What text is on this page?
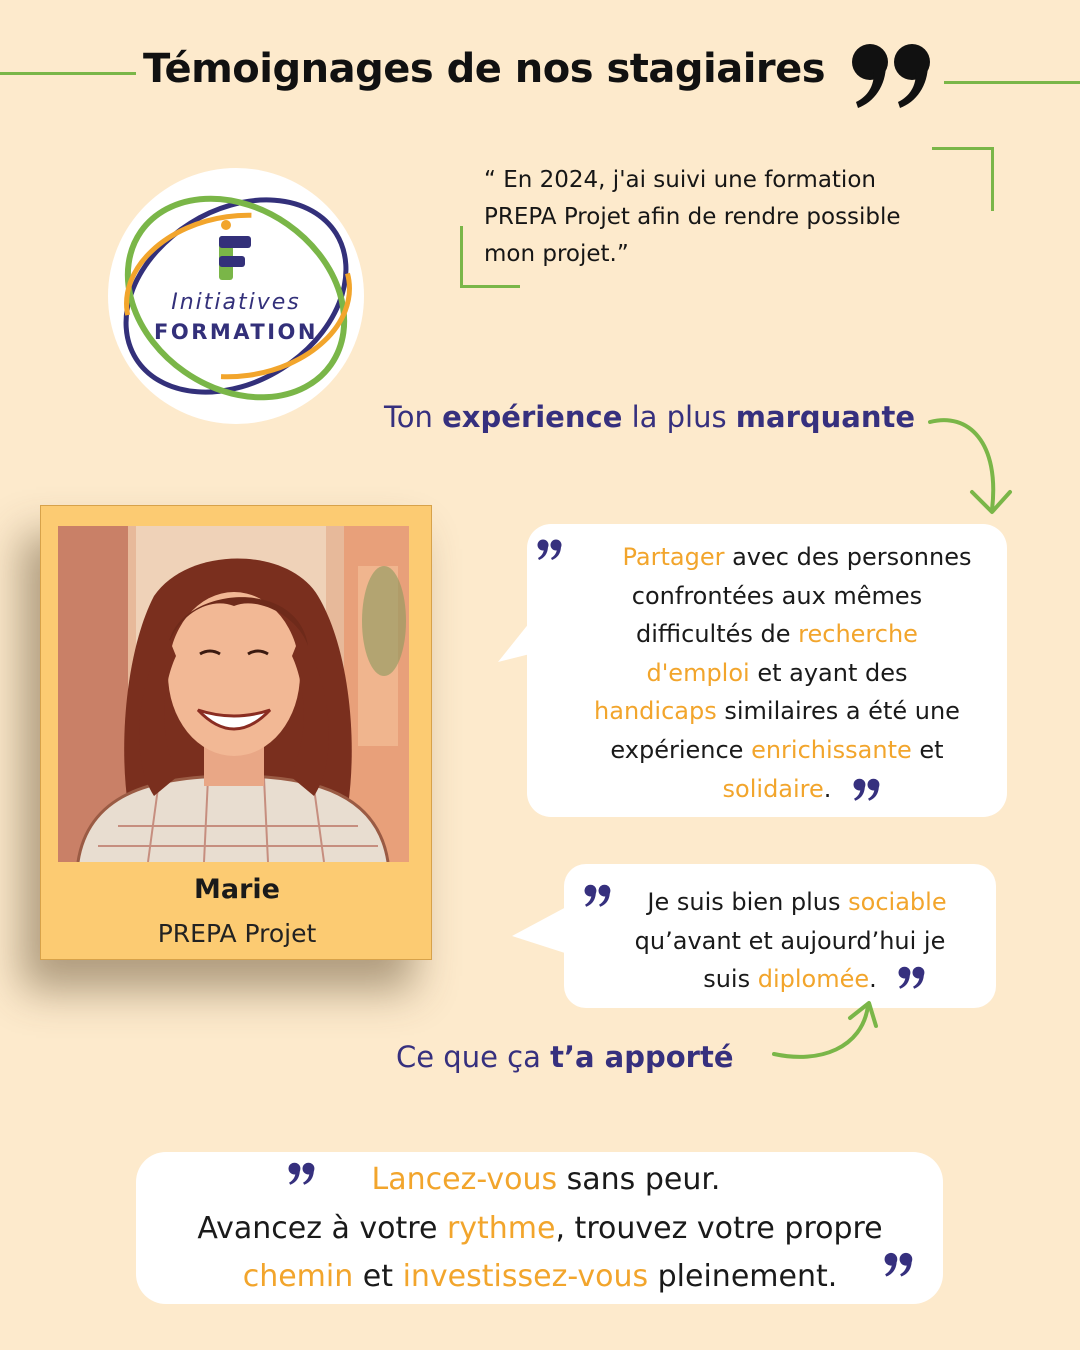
Témoignages de nos stagiaires
Initiatives
FORMATION
“ En 2024, j'ai suivi une formation
PREPA Projet afin de rendre possible
mon projet.”
Ton expérience la plus marquante
Marie
PREPA Projet
Partager avec des personnes
confrontées aux mêmes
difficultés de recherche
d'emploi et ayant des
handicaps similaires a été une
expérience enrichissante et
solidaire.
Je suis bien plus sociable
qu’avant et aujourd’hui je
suis diplomée.
Ce que ça t’a apporté
Lancez-vous sans peur.
Avancez à votre rythme, trouvez votre propre
chemin et investissez-vous pleinement.
